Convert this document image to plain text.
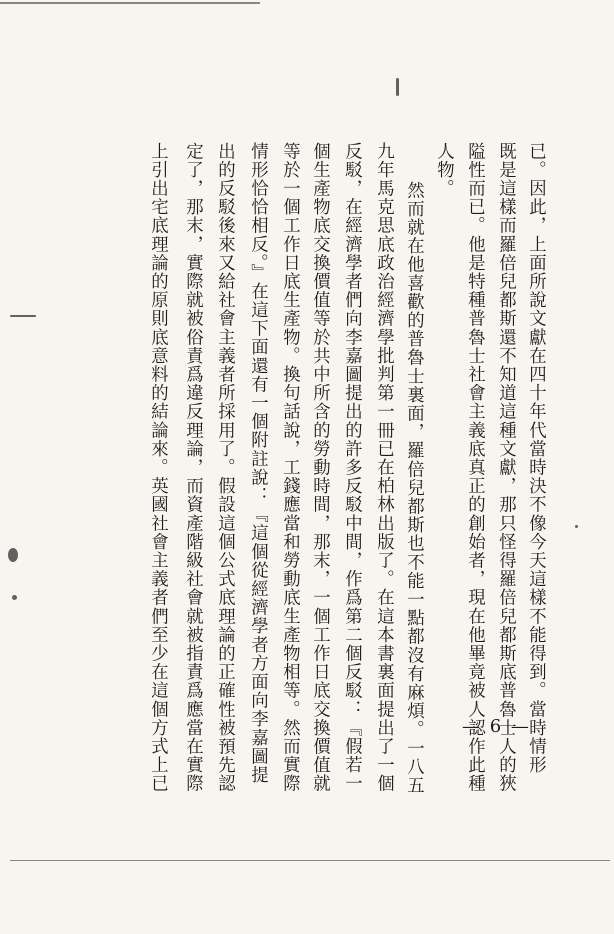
已。因此，上面所說文獻在四十年代當時決不像今天這樣不能得到。當時情形
既是這樣而羅倍兒都斯還不知道這種文獻，那只怪得羅倍兒都斯底普魯士人的狹
隘性而已。他是特種普魯士社會主義底真正的創始者，現在他畢竟被人認作此種
人物。
然而就在他喜歡的普魯士裏面，羅倍兒都斯也不能一點都沒有麻煩。一八五
九年馬克思底政治經濟學批判第一冊已在柏林出版了。在這本書裏面提出了一個
反駁，在經濟學者們向李嘉圖提出的許多反駁中間，作爲第二個反駁：『假若一
個生產物底交換價值等於共中所含的勞動時間，那末，一個工作日底交換價值就
等於一個工作日底生產物。換句話說，工錢應當和勞動底生產物相等。然而實際
情形恰恰相反。』在這下面還有一個附註說：『這個從經濟學者方面向李嘉圖提
出的反駁後來又給社會主義者所採用了。假設這個公式底理論的正確性被預先認
定了，那末，實際就被俗責爲違反理論，而資產階級社會就被指責爲應當在實際
上引出宅底理論的原則底意料的結論來。英國社會主義者們至少在這個方式上已	— 6 —
